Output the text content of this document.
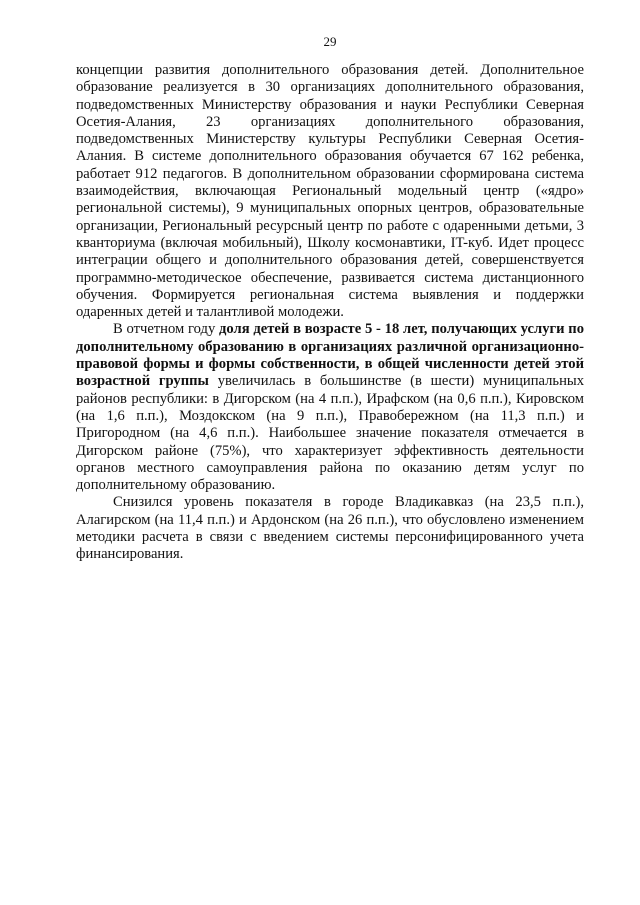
29

концепции развития дополнительного образования детей. Дополнительное образование реализуется в 30 организациях дополнительного образования, подведомственных Министерству образования и науки Республики Северная Осетия-Алания, 23 организациях дополнительного образования, подведомственных Министерству культуры Республики Северная Осетия-Алания. В системе дополнительного образования обучается 67 162 ребенка, работает 912 педагогов. В дополнительном образовании сформирована система взаимодействия, включающая Региональный модельный центр («ядро» региональной системы), 9 муниципальных опорных центров, образовательные организации, Региональный ресурсный центр по работе с одаренными детьми, 3 кванториума (включая мобильный), Школу космонавтики, IT-куб. Идет процесс интеграции общего и дополнительного образования детей, совершенствуется программно-методическое обеспечение, развивается система дистанционного обучения. Формируется региональная система выявления и поддержки одаренных детей и талантливой молодежи.

В отчетном году доля детей в возрасте 5 - 18 лет, получающих услуги по дополнительному образованию в организациях различной организационно-правовой формы и формы собственности, в общей численности детей этой возрастной группы увеличилась в большинстве (в шести) муниципальных районов республики: в Дигорском (на 4 п.п.), Ирафском (на 0,6 п.п.), Кировском (на 1,6 п.п.), Моздокском (на 9 п.п.), Правобережном (на 11,3 п.п.) и Пригородном (на 4,6 п.п.). Наибольшее значение показателя отмечается в Дигорском районе (75%), что характеризует эффективность деятельности органов местного самоуправления района по оказанию детям услуг по дополнительному образованию.

Снизился уровень показателя в городе Владикавказ (на 23,5 п.п.), Алагирском (на 11,4 п.п.) и Ардонском (на 26 п.п.), что обусловлено изменением методики расчета в связи с введением системы персонифицированного учета финансирования.
